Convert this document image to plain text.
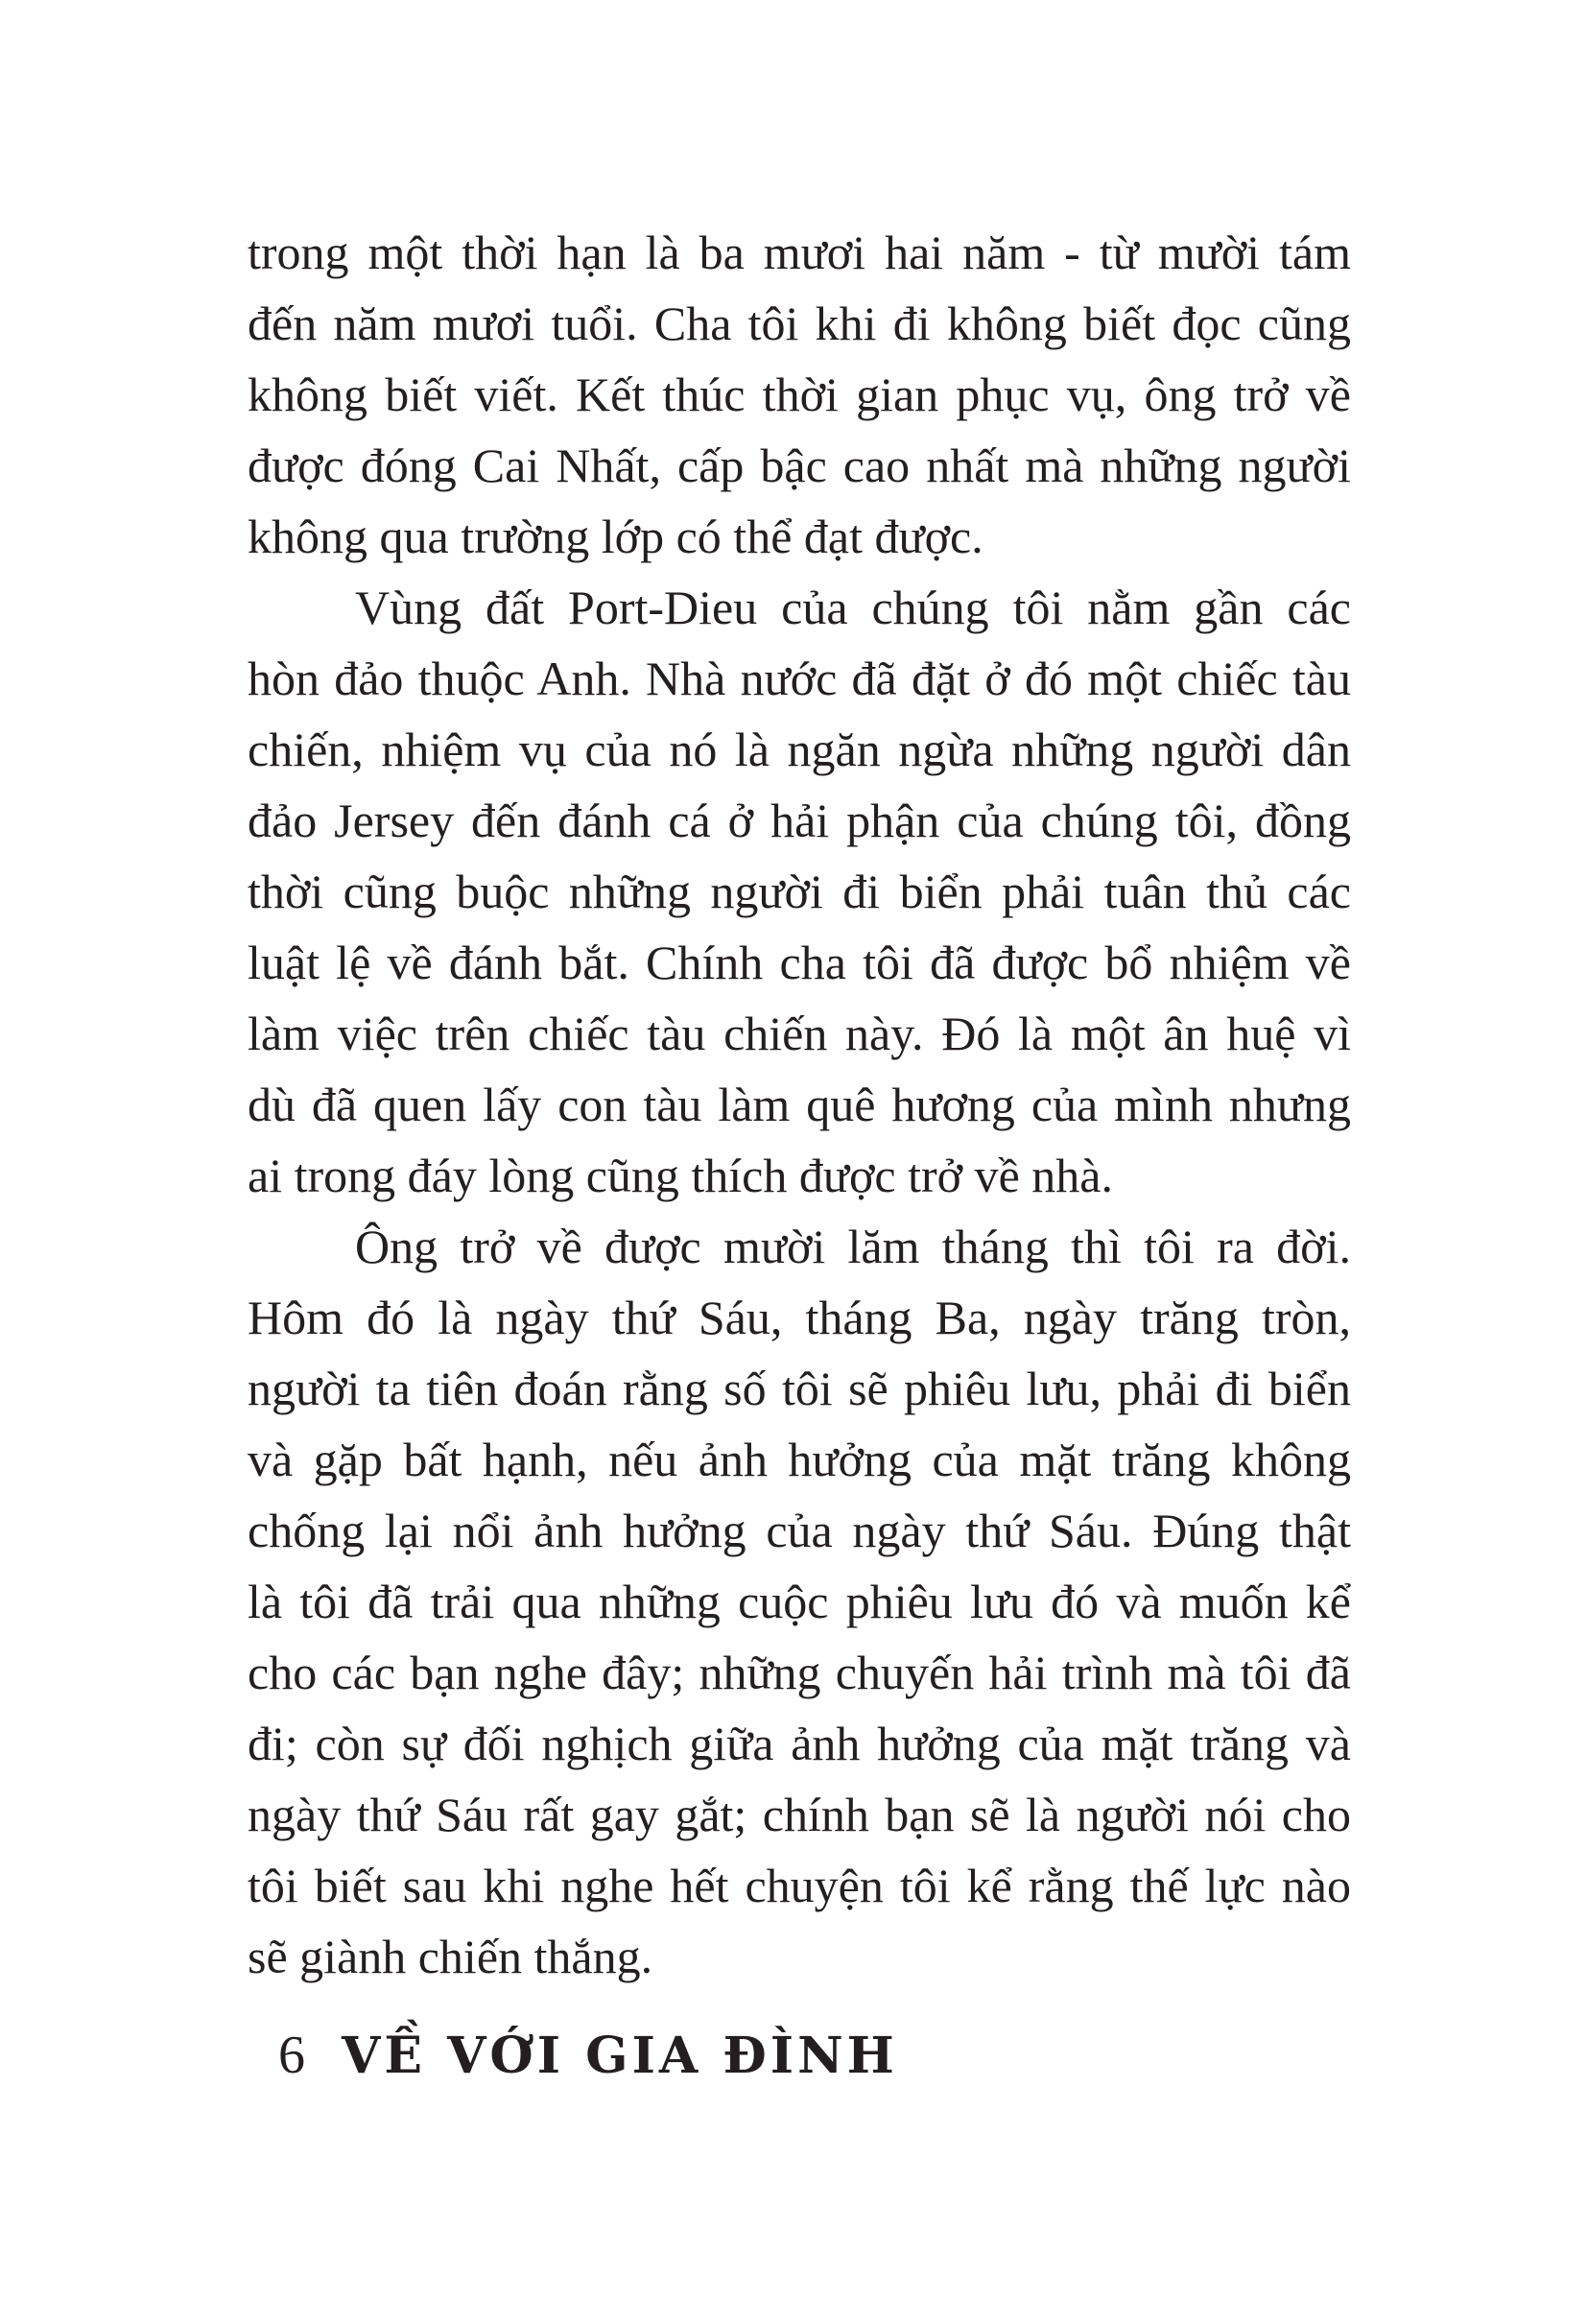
trong một thời hạn là ba mươi hai năm - từ mười tám
đến năm mươi tuổi. Cha tôi khi đi không biết đọc cũng
không biết viết. Kết thúc thời gian phục vụ, ông trở về
được đóng Cai Nhất, cấp bậc cao nhất mà những người
không qua trường lớp có thể đạt được.
Vùng đất Port-Dieu của chúng tôi nằm gần các
hòn đảo thuộc Anh. Nhà nước đã đặt ở đó một chiếc tàu
chiến, nhiệm vụ của nó là ngăn ngừa những người dân
đảo Jersey đến đánh cá ở hải phận của chúng tôi, đồng
thời cũng buộc những người đi biển phải tuân thủ các
luật lệ về đánh bắt. Chính cha tôi đã được bổ nhiệm về
làm việc trên chiếc tàu chiến này. Đó là một ân huệ vì
dù đã quen lấy con tàu làm quê hương của mình nhưng
ai trong đáy lòng cũng thích được trở về nhà.
Ông trở về được mười lăm tháng thì tôi ra đời.
Hôm đó là ngày thứ Sáu, tháng Ba, ngày trăng tròn,
người ta tiên đoán rằng số tôi sẽ phiêu lưu, phải đi biển
và gặp bất hạnh, nếu ảnh hưởng của mặt trăng không
chống lại nổi ảnh hưởng của ngày thứ Sáu. Đúng thật
là tôi đã trải qua những cuộc phiêu lưu đó và muốn kể
cho các bạn nghe đây; những chuyến hải trình mà tôi đã
đi; còn sự đối nghịch giữa ảnh hưởng của mặt trăng và
ngày thứ Sáu rất gay gắt; chính bạn sẽ là người nói cho
tôi biết sau khi nghe hết chuyện tôi kể rằng thế lực nào
sẽ giành chiến thắng.
6 VỀ VỚI GIA ĐÌNH
